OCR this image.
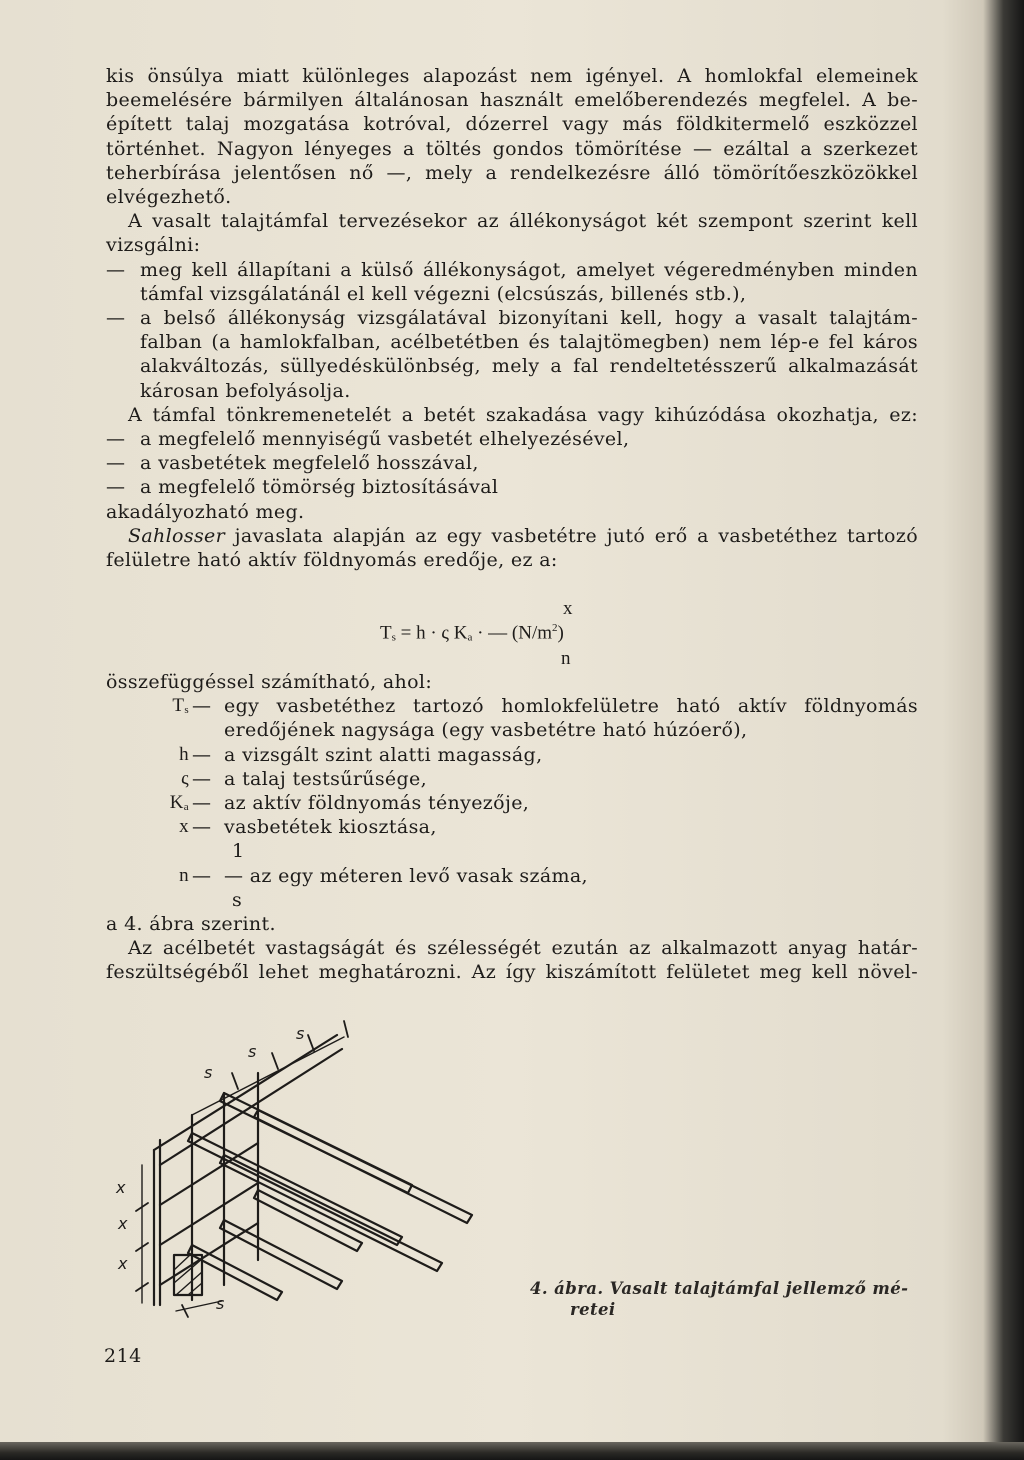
kis önsúlya miatt különleges alapozást nem igényel. A homlokfal elemeinek

beemelésére bármilyen általánosan használt emelőberendezés megfelel. A be-

épített talaj mozgatása kotróval, dózerrel vagy más földkitermelő eszközzel

történhet. Nagyon lényeges a töltés gondos tömörítése — ezáltal a szerkezet

teherbírása jelentősen nő —, mely a rendelkezésre álló tömörítőeszközökkel

elvégezhető.

A vasalt talajtámfal tervezésekor az állékonyságot két szempont szerint kell

vizsgálni:

— meg kell állapítani a külső állékonyságot, amelyet végeredményben minden
támfal vizsgálatánál el kell végezni (elcsúszás, billenés stb.),
— a belső állékonyság vizsgálatával bizonyítani kell, hogy a vasalt talajtám-
falban (a hamlokfalban, acélbetétben és talajtömegben) nem lép-e fel káros
alakváltozás, süllyedéskülönbség, mely a fal rendeltetésszerű alkalmazását
károsan befolyásolja.

A támfal tönkremenetelét a betét szakadása vagy kihúzódása okozhatja, ez:

— a megfelelő mennyiségű vasbetét elhelyezésével,
— a vasbetétek megfelelő hosszával,
— a megfelelő tömörség biztosításával

akadályozható meg.

Sahlosser javaslata alapján az egy vasbetétre jutó erő a vasbetéthez tartozó

felületre ható aktív földnyomás eredője, ez a:

x
$T_s = h \cdot \varsigma$ $K_a$ · — $(N/m^2)$
n
összefüggéssel számítható, ahol:
$T_s$ — egy vasbetéthez tartozó homlokfelületre ható aktív földnyomás
eredőjének nagysága (egy vasbetétre ható húzóerő),
h — a vizsgált szint alatti magasság,
ς — a talaj testsűrűsége,
$K_a$ — az aktív földnyomás tényezője,
x — vasbetétek kiosztása,
1
n — — az egy méteren levő vasak száma,
s
a 4. ábra szerint.
Az acélbetét vastagságát és szélességét ezután az alkalmazott anyag határ-
feszültségéből lehet meghatározni. Az így kiszámított felületet meg kell növel-
s
s
s
x
x
x
s
4. ábra. Vasalt talajtámfal jellemző mé-
retei
214
